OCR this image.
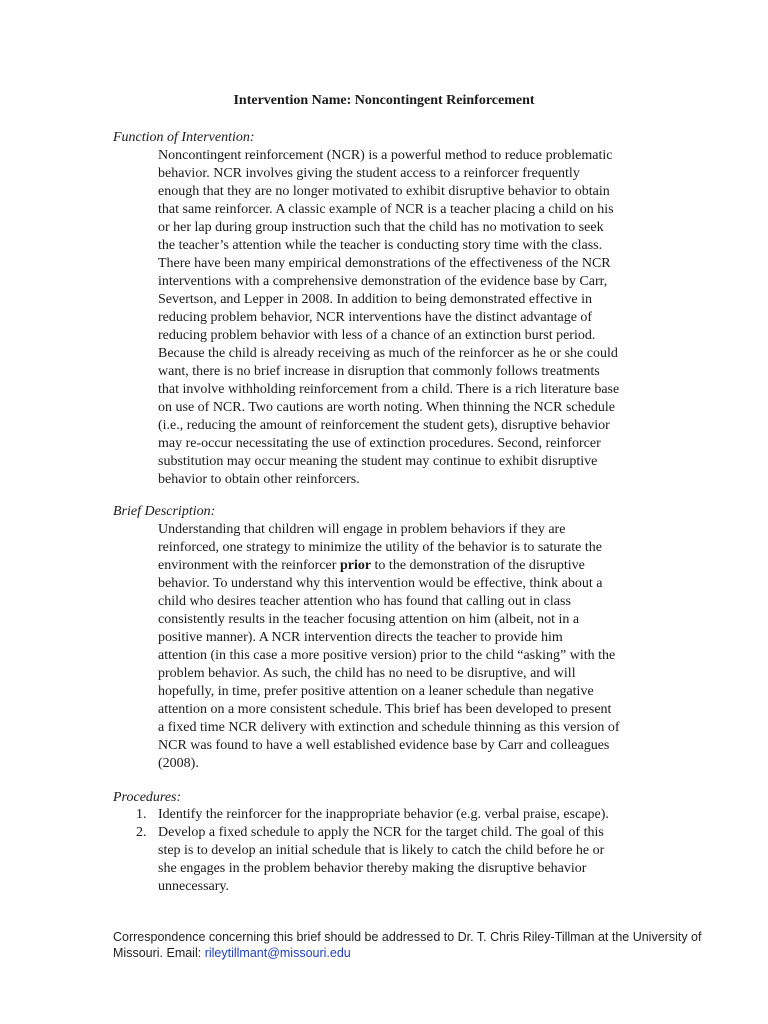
Intervention Name: Noncontingent Reinforcement
Function of Intervention:
Noncontingent reinforcement (NCR) is a powerful method to reduce problematic
behavior. NCR involves giving the student access to a reinforcer frequently
enough that they are no longer motivated to exhibit disruptive behavior to obtain
that same reinforcer. A classic example of NCR is a teacher placing a child on his
or her lap during group instruction such that the child has no motivation to seek
the teacher’s attention while the teacher is conducting story time with the class.
There have been many empirical demonstrations of the effectiveness of the NCR
interventions with a comprehensive demonstration of the evidence base by Carr,
Severtson, and Lepper in 2008. In addition to being demonstrated effective in
reducing problem behavior, NCR interventions have the distinct advantage of
reducing problem behavior with less of a chance of an extinction burst period.
Because the child is already receiving as much of the reinforcer as he or she could
want, there is no brief increase in disruption that commonly follows treatments
that involve withholding reinforcement from a child. There is a rich literature base
on use of NCR. Two cautions are worth noting. When thinning the NCR schedule
(i.e., reducing the amount of reinforcement the student gets), disruptive behavior
may re-occur necessitating the use of extinction procedures. Second, reinforcer
substitution may occur meaning the student may continue to exhibit disruptive
behavior to obtain other reinforcers.
Brief Description:
Understanding that children will engage in problem behaviors if they are
reinforced, one strategy to minimize the utility of the behavior is to saturate the
environment with the reinforcer prior to the demonstration of the disruptive
behavior. To understand why this intervention would be effective, think about a
child who desires teacher attention who has found that calling out in class
consistently results in the teacher focusing attention on him (albeit, not in a
positive manner). A NCR intervention directs the teacher to provide him
attention (in this case a more positive version) prior to the child “asking” with the
problem behavior. As such, the child has no need to be disruptive, and will
hopefully, in time, prefer positive attention on a leaner schedule than negative
attention on a more consistent schedule. This brief has been developed to present
a fixed time NCR delivery with extinction and schedule thinning as this version of
NCR was found to have a well established evidence base by Carr and colleagues
(2008).
Procedures:
1. Identify the reinforcer for the inappropriate behavior (e.g. verbal praise, escape).
2. Develop a fixed schedule to apply the NCR for the target child. The goal of this
step is to develop an initial schedule that is likely to catch the child before he or
she engages in the problem behavior thereby making the disruptive behavior
unnecessary.
Correspondence concerning this brief should be addressed to Dr. T. Chris Riley-Tillman at the University of
Missouri. Email: rileytillmant@missouri.edu
